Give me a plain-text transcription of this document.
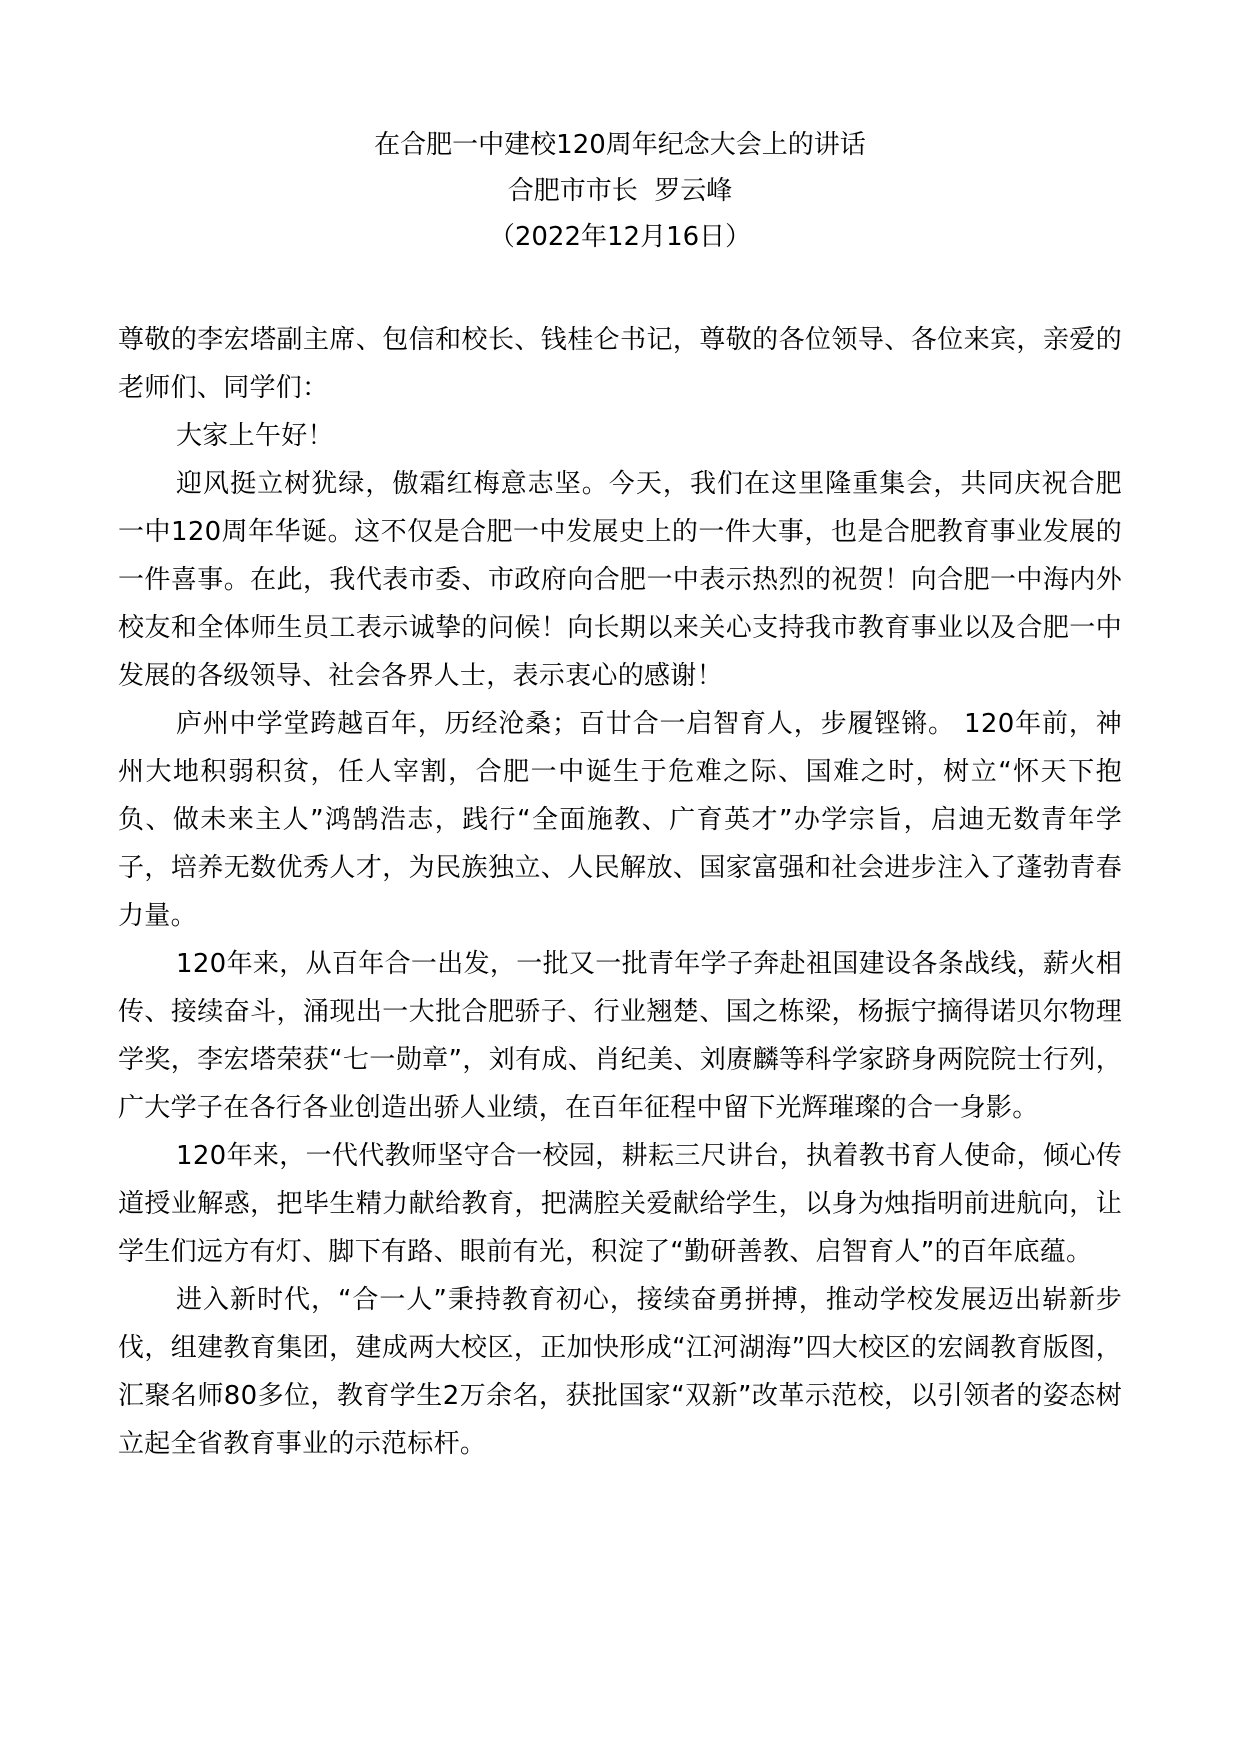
在合肥一中建校120周年纪念大会上的讲话
合肥市市长  罗云峰
（2022年12月16日）

尊敬的李宏塔副主席、包信和校长、钱桂仑书记，尊敬的各位领导、各位来宾，亲爱的老师们、同学们：

大家上午好！

迎风挺立树犹绿，傲霜红梅意志坚。今天，我们在这里隆重集会，共同庆祝合肥一中120周年华诞。这不仅是合肥一中发展史上的一件大事，也是合肥教育事业发展的一件喜事。在此，我代表市委、市政府向合肥一中表示热烈的祝贺！向合肥一中海内外校友和全体师生员工表示诚挚的问候！向长期以来关心支持我市教育事业以及合肥一中发展的各级领导、社会各界人士，表示衷心的感谢！

庐州中学堂跨越百年，历经沧桑；百廿合一启智育人，步履铿锵。 120年前，神州大地积弱积贫，任人宰割，合肥一中诞生于危难之际、国难之时，树立“怀天下抱负、做未来主人”鸿鹄浩志，践行“全面施教、广育英才”办学宗旨，启迪无数青年学子，培养无数优秀人才，为民族独立、人民解放、国家富强和社会进步注入了蓬勃青春力量。

120年来，从百年合一出发，一批又一批青年学子奔赴祖国建设各条战线，薪火相传、接续奋斗，涌现出一大批合肥骄子、行业翘楚、国之栋梁，杨振宁摘得诺贝尔物理学奖，李宏塔荣获“七一勋章”，刘有成、肖纪美、刘赓麟等科学家跻身两院院士行列，广大学子在各行各业创造出骄人业绩，在百年征程中留下光辉璀璨的合一身影。

120年来，一代代教师坚守合一校园，耕耘三尺讲台，执着教书育人使命，倾心传道授业解惑，把毕生精力献给教育，把满腔关爱献给学生，以身为烛指明前进航向，让学生们远方有灯、脚下有路、眼前有光，积淀了“勤研善教、启智育人”的百年底蕴。

进入新时代，“合一人”秉持教育初心，接续奋勇拼搏，推动学校发展迈出崭新步伐，组建教育集团，建成两大校区，正加快形成“江河湖海”四大校区的宏阔教育版图，汇聚名师80多位，教育学生2万余名，获批国家“双新”改革示范校，以引领者的姿态树立起全省教育事业的示范标杆。
